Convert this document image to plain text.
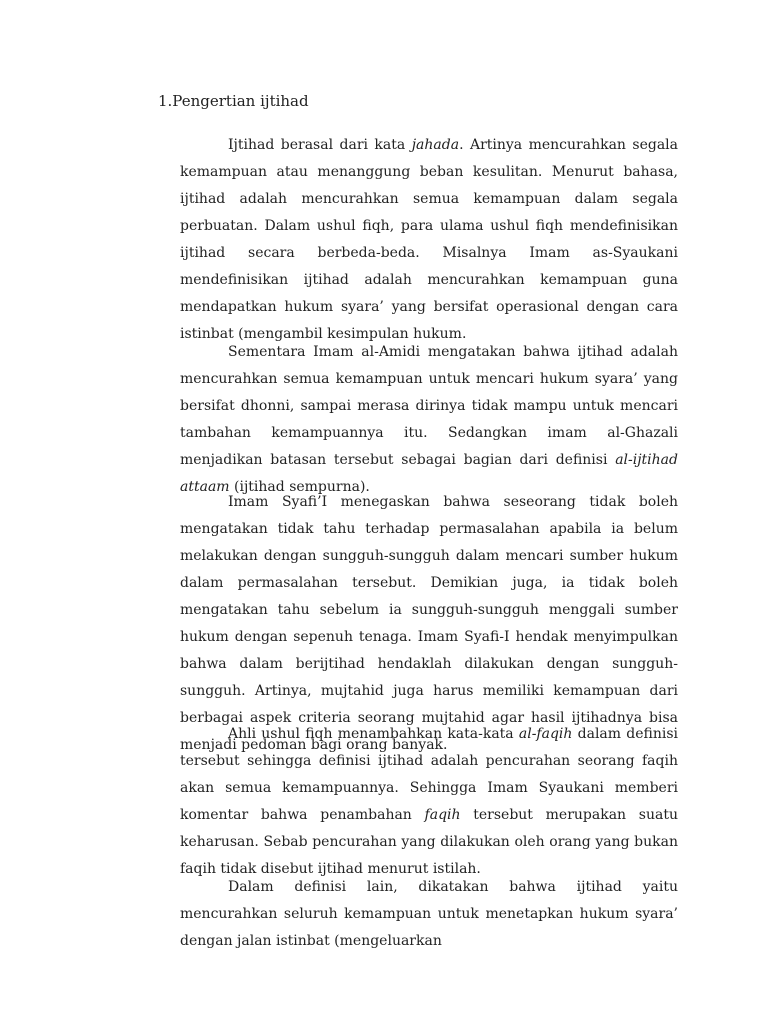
1.Pengertian ijtihad

Ijtihad berasal dari kata jahada. Artinya mencurahkan segala kemampuan atau menanggung beban kesulitan. Menurut bahasa, ijtihad adalah mencurahkan semua kemampuan dalam segala perbuatan. Dalam ushul fiqh, para ulama ushul fiqh mendefinisikan ijtihad secara berbeda-beda. Misalnya Imam as-Syaukani mendefinisikan ijtihad adalah mencurahkan kemampuan guna mendapatkan hukum syara’ yang bersifat operasional dengan cara istinbat (mengambil kesimpulan hukum.

Sementara Imam al-Amidi mengatakan bahwa ijtihad adalah mencurahkan semua kemampuan untuk mencari hukum syara’ yang bersifat dhonni, sampai merasa dirinya tidak mampu untuk mencari tambahan kemampuannya itu. Sedangkan imam al-Ghazali menjadikan batasan tersebut sebagai bagian dari definisi al-ijtihad attaam (ijtihad sempurna).

Imam Syafi’I menegaskan bahwa seseorang tidak boleh mengatakan tidak tahu terhadap permasalahan apabila ia belum melakukan dengan sungguh-sungguh dalam mencari sumber hukum dalam permasalahan tersebut. Demikian juga, ia tidak boleh mengatakan tahu sebelum ia sungguh-sungguh menggali sumber hukum dengan sepenuh tenaga. Imam Syafi-I hendak menyimpulkan bahwa dalam berijtihad hendaklah dilakukan dengan sungguh-sungguh. Artinya, mujtahid juga harus memiliki kemampuan dari berbagai aspek criteria seorang mujtahid agar hasil ijtihadnya bisa menjadi pedoman bagi orang banyak.

Ahli ushul fiqh menambahkan kata-kata al-faqih dalam definisi tersebut sehingga definisi ijtihad adalah pencurahan seorang faqih akan semua kemampuannya. Sehingga Imam Syaukani memberi komentar bahwa penambahan faqih tersebut merupakan suatu keharusan. Sebab pencurahan yang dilakukan oleh orang yang bukan faqih tidak disebut ijtihad menurut istilah.

Dalam definisi lain, dikatakan bahwa ijtihad yaitu mencurahkan seluruh kemampuan untuk menetapkan hukum syara’ dengan jalan istinbat (mengeluarkan
